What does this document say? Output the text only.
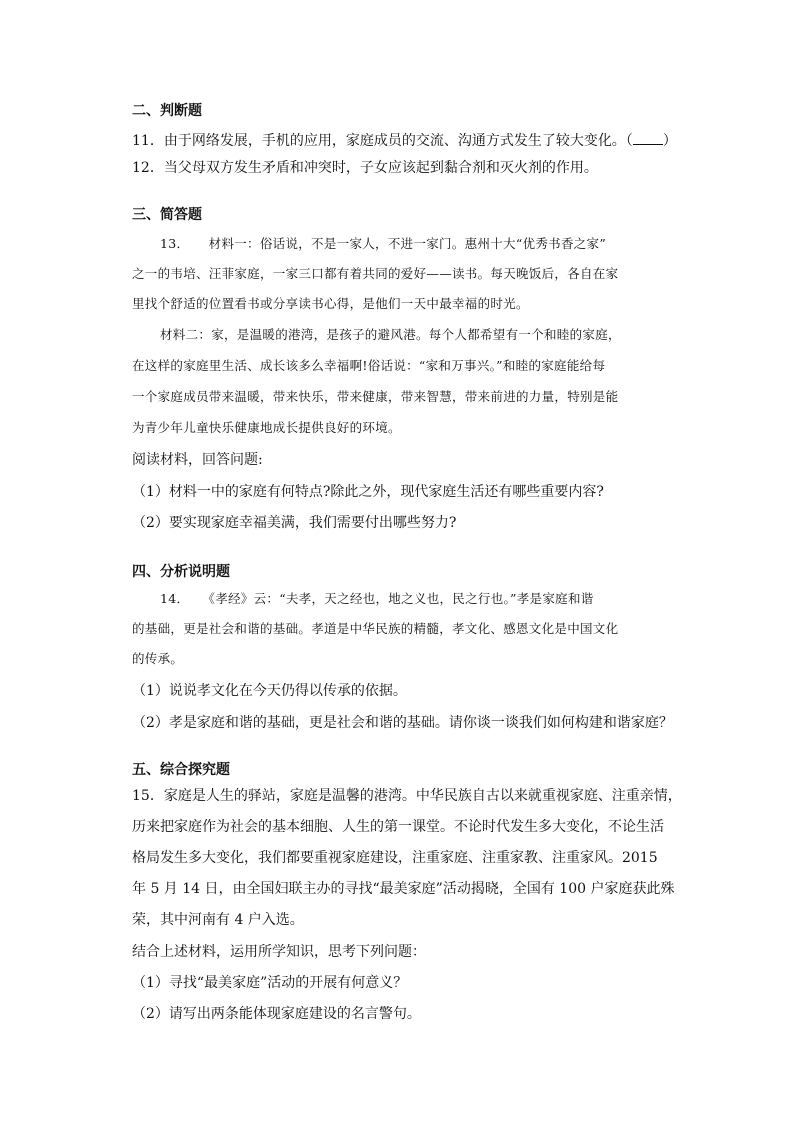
二、判断题
11．由于网络发展，手机的应用，家庭成员的交流、沟通方式发生了较大变化。（ ）
12．当父母双方发生矛盾和冲突时，子女应该起到黏合剂和灭火剂的作用。
三、简答题
13．　　材料一：俗话说，不是一家人，不进一家门。惠州十大“优秀书香之家”
之一的韦培、汪菲家庭，一家三口都有着共同的爱好——读书。每天晚饭后，各自在家
里找个舒适的位置看书或分享读书心得，是他们一天中最幸福的时光。
材料二：家，是温暖的港湾，是孩子的避风港。每个人都希望有一个和睦的家庭，
在这样的家庭里生活、成长该多么幸福啊!俗话说：“家和万事兴。”和睦的家庭能给每
一个家庭成员带来温暖，带来快乐，带来健康，带来智慧，带来前进的力量，特别是能
为青少年儿童快乐健康地成长提供良好的环境。
阅读材料，回答问题:
（1）材料一中的家庭有何特点?除此之外，现代家庭生活还有哪些重要内容?
（2）要实现家庭幸福美满，我们需要付出哪些努力?
四、分析说明题
14．　　《孝经》云：“夫孝，天之经也，地之义也，民之行也。”孝是家庭和谐
的基础，更是社会和谐的基础。孝道是中华民族的精髓，孝文化、感恩文化是中国文化
的传承。
（1）说说孝文化在今天仍得以传承的依据。
（2）孝是家庭和谐的基础，更是社会和谐的基础。请你谈一谈我们如何构建和谐家庭？
五、综合探究题
15．家庭是人生的驿站，家庭是温馨的港湾。中华民族自古以来就重视家庭、注重亲情，
历来把家庭作为社会的基本细胞、人生的第一课堂。不论时代发生多大变化，不论生活
格局发生多大变化，我们都要重视家庭建设，注重家庭、注重家教、注重家风。2015
年 5 月 14 日，由全国妇联主办的寻找“最美家庭”活动揭晓，全国有 100 户家庭获此殊
荣，其中河南有 4 户入选。
结合上述材料，运用所学知识，思考下列问题：
（1）寻找“最美家庭”活动的开展有何意义？
（2）请写出两条能体现家庭建设的名言警句。
